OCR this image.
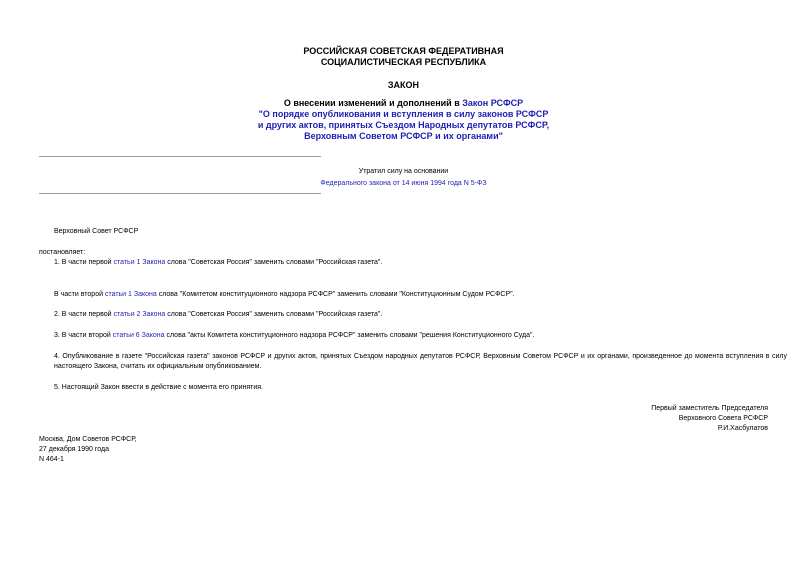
РОССИЙСКАЯ СОВЕТСКАЯ ФЕДЕРАТИВНАЯ
СОЦИАЛИСТИЧЕСКАЯ РЕСПУБЛИКА
ЗАКОН
О внесении изменений и дополнений в Закон РСФСР
"О порядке опубликования и вступления в силу законов РСФСР
и других актов, принятых Съездом Народных депутатов РСФСР,
Верховным Советом РСФСР и их органами"
Утратил силу на основании
Федерального закона от 14 июня 1994 года N 5-ФЗ
Верховный Совет РСФСР
постановляет:
1. В части первой статьи 1 Закона слова "Советская Россия" заменить словами "Российская газета".
В части второй статьи 1 Закона слова "Комитетом конституционного надзора РСФСР" заменить словами "Конституционным Судом РСФСР".
2. В части первой статьи 2 Закона слова "Советская Россия" заменить словами "Российская газета".
3. В части второй статьи 6 Закона слова "акты Комитета конституционного надзора РСФСР" заменить словами "решения Конституционного Суда".
4. Опубликование в газете "Российская газета" законов РСФСР и других актов, принятых Съездом народных депутатов РСФСР, Верховным Советом РСФСР и их органами, произведенное до момента вступления в силу настоящего Закона, считать их официальным опубликованием.
5. Настоящий Закон ввести в действие с момента его принятия.
Первый заместитель Председателя
Верховного Совета РСФСР
Р.И.Хасбулатов
Москва, Дом Советов РСФСР,
27 декабря 1990 года
N 464-1
